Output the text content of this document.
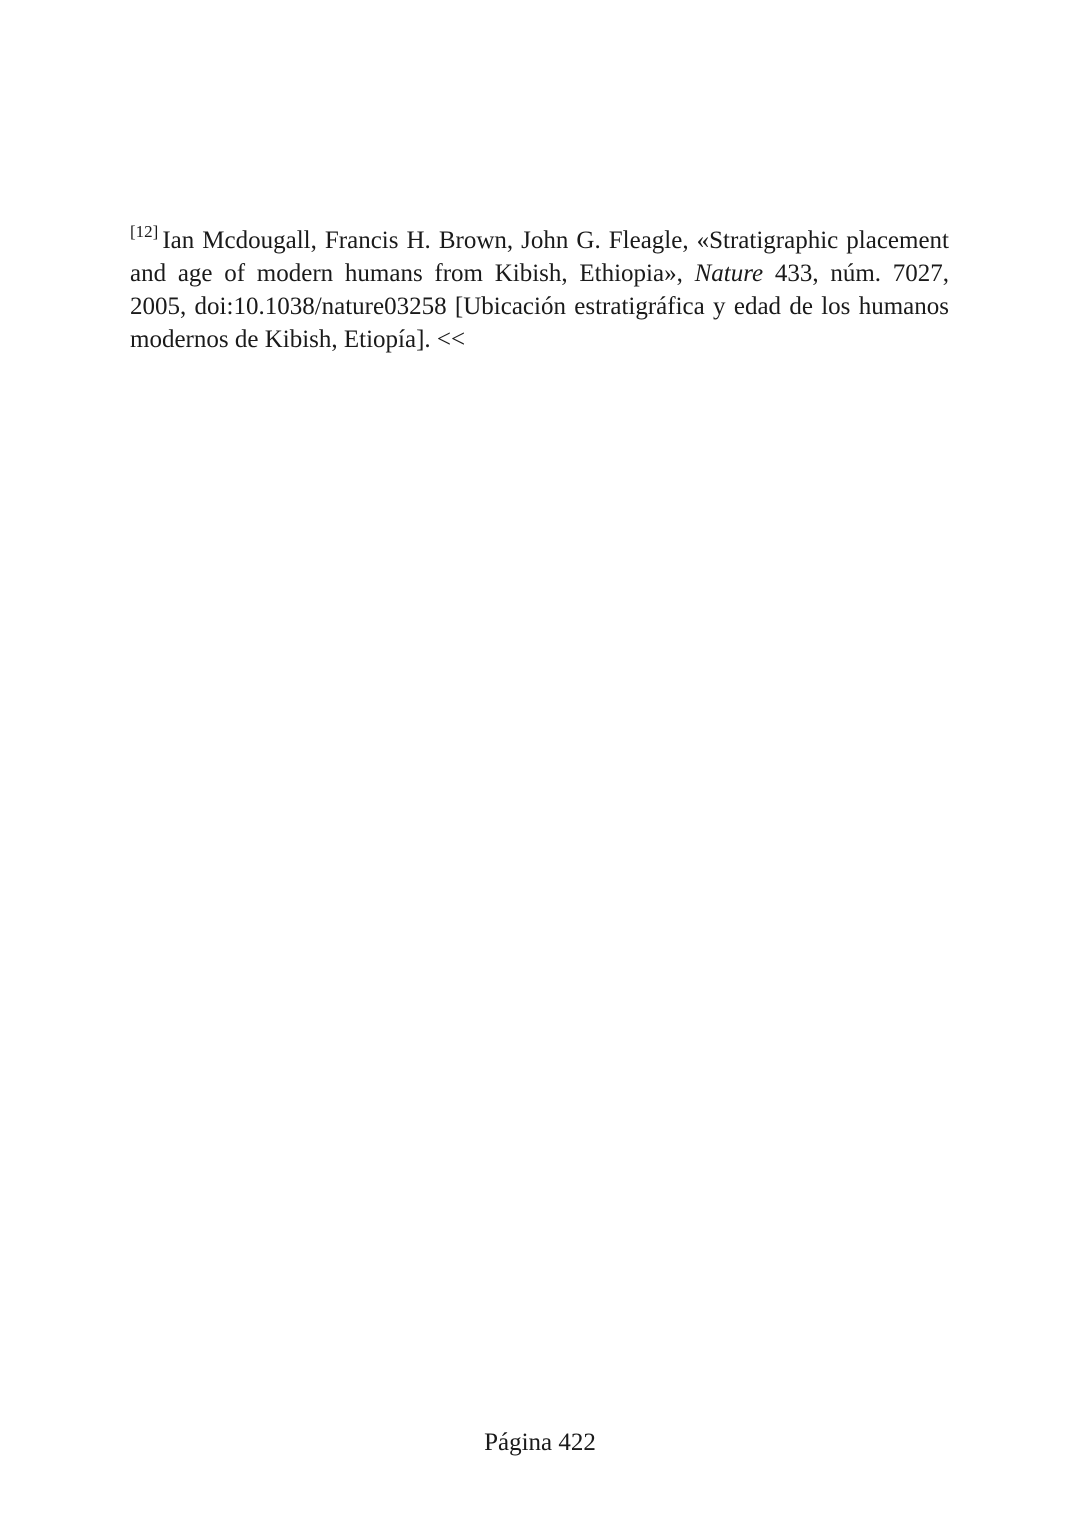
[12] Ian Mcdougall, Francis H. Brown, John G. Fleagle, «Stratigraphic placement and age of modern humans from Kibish, Ethiopia», Nature 433, núm. 7027, 2005, doi:10.1038/nature03258 [Ubicación estratigráfica y edad de los humanos modernos de Kibish, Etiopía]. <<

Página 422
